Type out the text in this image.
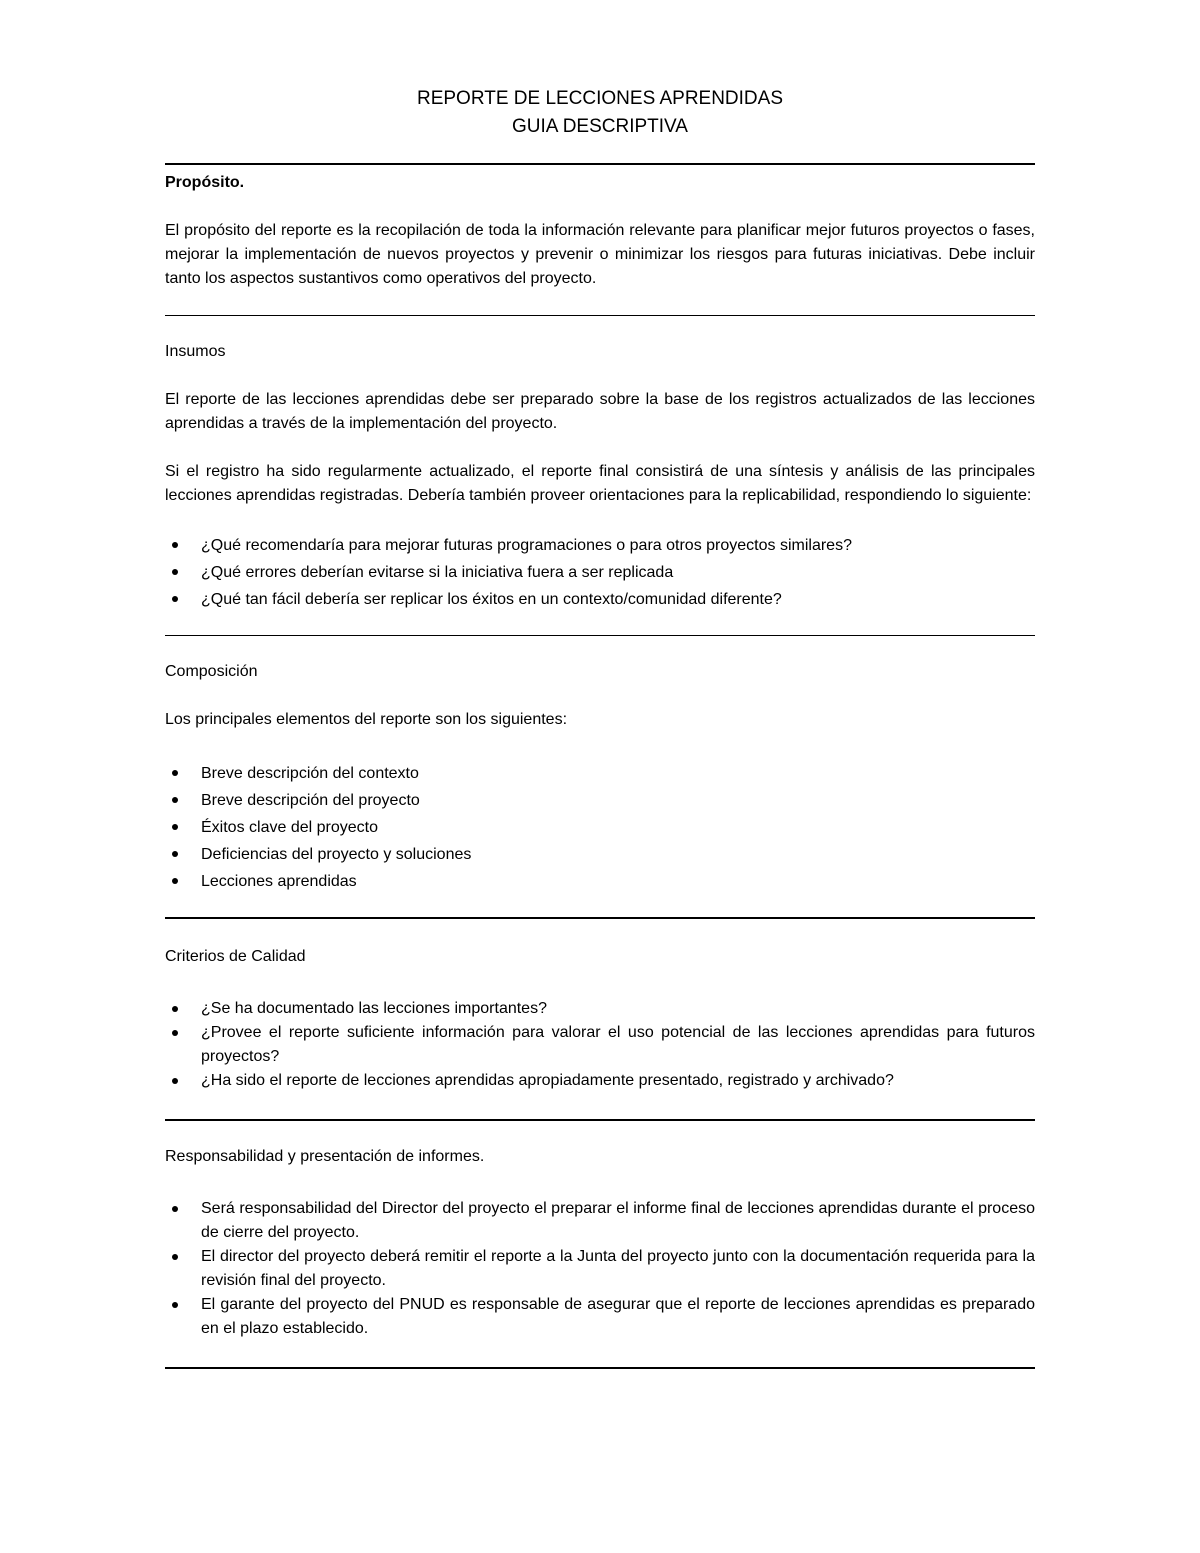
REPORTE DE LECCIONES APRENDIDAS

GUIA DESCRIPTIVA

Propósito.

El propósito del reporte es la recopilación de toda la información relevante para planificar mejor futuros proyectos o fases, mejorar la implementación de nuevos proyectos y prevenir o minimizar los riesgos para futuras iniciativas. Debe incluir tanto los aspectos sustantivos como operativos del proyecto.

Insumos

El reporte de las lecciones aprendidas debe ser preparado sobre la base de los registros actualizados de las lecciones aprendidas a través de la implementación del proyecto.

Si el registro ha sido regularmente actualizado, el reporte final consistirá de una síntesis y análisis de las principales lecciones aprendidas registradas. Debería también proveer orientaciones para la replicabilidad, respondiendo lo siguiente:

¿Qué recomendaría para mejorar futuras programaciones o para otros proyectos similares?
¿Qué errores deberían evitarse si la iniciativa fuera a ser replicada
¿Qué tan fácil debería ser replicar los éxitos en un contexto/comunidad diferente?

Composición

Los principales elementos del reporte son los siguientes:

Breve descripción del contexto
Breve descripción del proyecto
Éxitos clave del proyecto
Deficiencias del proyecto y soluciones
Lecciones aprendidas

Criterios de Calidad

¿Se ha documentado las lecciones importantes?
¿Provee el reporte suficiente información para valorar el uso potencial de las lecciones aprendidas para futuros proyectos?
¿Ha sido el reporte de lecciones aprendidas apropiadamente presentado, registrado y archivado?

Responsabilidad y presentación de informes.

Será responsabilidad del Director del proyecto el preparar el informe final de lecciones aprendidas durante el proceso de cierre del proyecto.
El director del proyecto deberá remitir el reporte a la Junta del proyecto junto con la documentación requerida para la revisión final del proyecto.
El garante del proyecto del PNUD es responsable de asegurar que el reporte de lecciones aprendidas es preparado en el plazo establecido.
